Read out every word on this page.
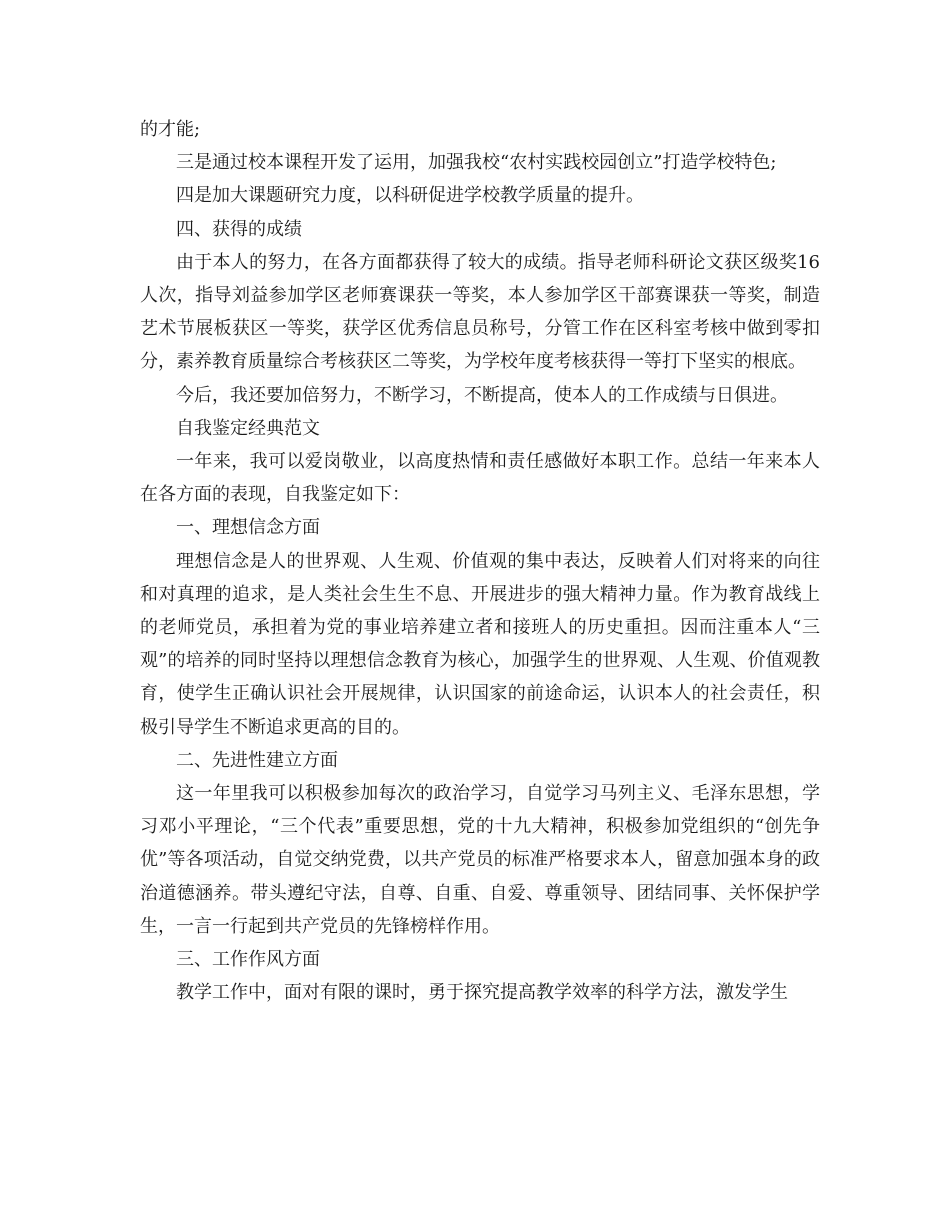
的才能;

三是通过校本课程开发了运用，加强我校“农村实践校园创立”打造学校特色;

四是加大课题研究力度，以科研促进学校教学质量的提升。

四、获得的成绩

由于本人的努力，在各方面都获得了较大的成绩。指导老师科研论文获区级奖16人次，指导刘益参加学区老师赛课获一等奖，本人参加学区干部赛课获一等奖，制造艺术节展板获区一等奖，获学区优秀信息员称号，分管工作在区科室考核中做到零扣分，素养教育质量综合考核获区二等奖，为学校年度考核获得一等打下坚实的根底。

今后，我还要加倍努力，不断学习，不断提高，使本人的工作成绩与日俱进。

自我鉴定经典范文

一年来，我可以爱岗敬业，以高度热情和责任感做好本职工作。总结一年来本人在各方面的表现，自我鉴定如下：

一、理想信念方面

理想信念是人的世界观、人生观、价值观的集中表达，反映着人们对将来的向往和对真理的追求，是人类社会生生不息、开展进步的强大精神力量。作为教育战线上的老师党员，承担着为党的事业培养建立者和接班人的历史重担。因而注重本人“三观”的培养的同时坚持以理想信念教育为核心，加强学生的世界观、人生观、价值观教育，使学生正确认识社会开展规律，认识国家的前途命运，认识本人的社会责任，积极引导学生不断追求更高的目的。

二、先进性建立方面

这一年里我可以积极参加每次的政治学习，自觉学习马列主义、毛泽东思想，学习邓小平理论，“三个代表”重要思想，党的十九大精神，积极参加党组织的“创先争优”等各项活动，自觉交纳党费，以共产党员的标准严格要求本人，留意加强本身的政治道德涵养。带头遵纪守法，自尊、自重、自爱、尊重领导、团结同事、关怀保护学生，一言一行起到共产党员的先锋榜样作用。

三、工作作风方面

教学工作中，面对有限的课时，勇于探究提高教学效率的科学方法，激发学生
